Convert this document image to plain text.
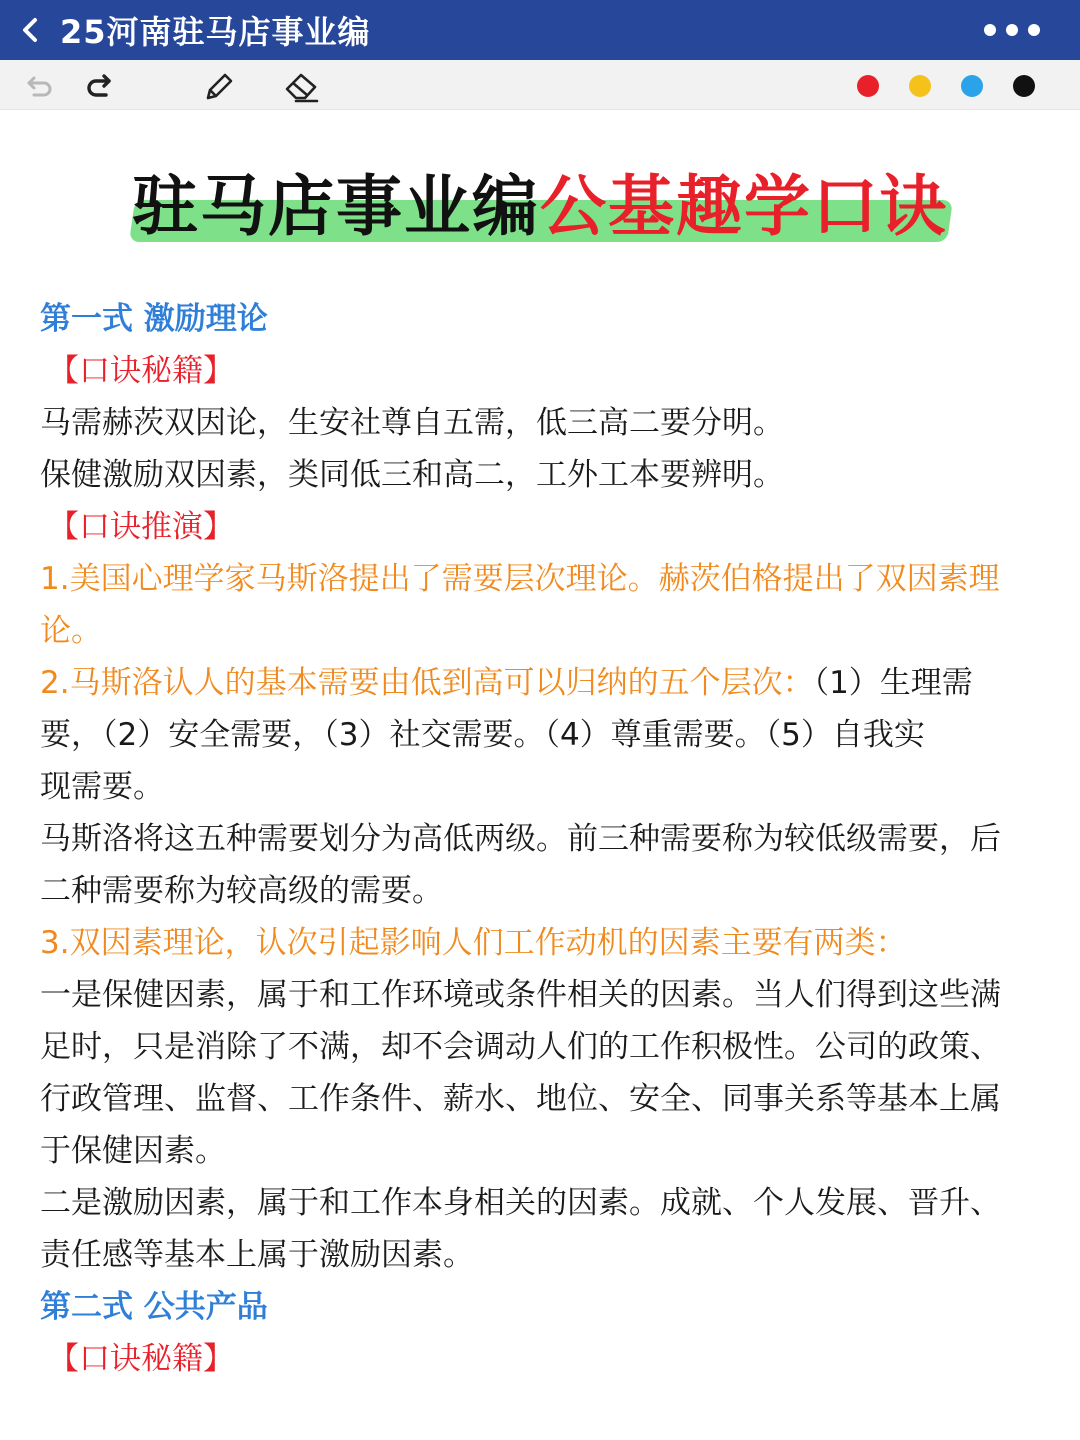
25河南驻马店事业编
驻马店事业编公基趣学口诀
第一式 激励理论
【口诀秘籍】
马需赫茨双因论，生安社尊自五需，低三高二要分明。
保健激励双因素，类同低三和高二，工外工本要辨明。
【口诀推演】
1.美国心理学家马斯洛提出了需要层次理论。赫茨伯格提出了双因素理
论。
2.马斯洛认人的基本需要由低到高可以归纳的五个层次：（1）生理需
要，（2）安全需要，（3）社交需要。（4）尊重需要。（5）自我实
现需要。
马斯洛将这五种需要划分为高低两级。前三种需要称为较低级需要，后
二种需要称为较高级的需要。
3.双因素理论，认次引起影响人们工作动机的因素主要有两类：
一是保健因素，属于和工作环境或条件相关的因素。当人们得到这些满
足时，只是消除了不满，却不会调动人们的工作积极性。公司的政策、
行政管理、监督、工作条件、薪水、地位、安全、同事关系等基本上属
于保健因素。
二是激励因素，属于和工作本身相关的因素。成就、个人发展、晋升、
责任感等基本上属于激励因素。
第二式 公共产品
【口诀秘籍】
